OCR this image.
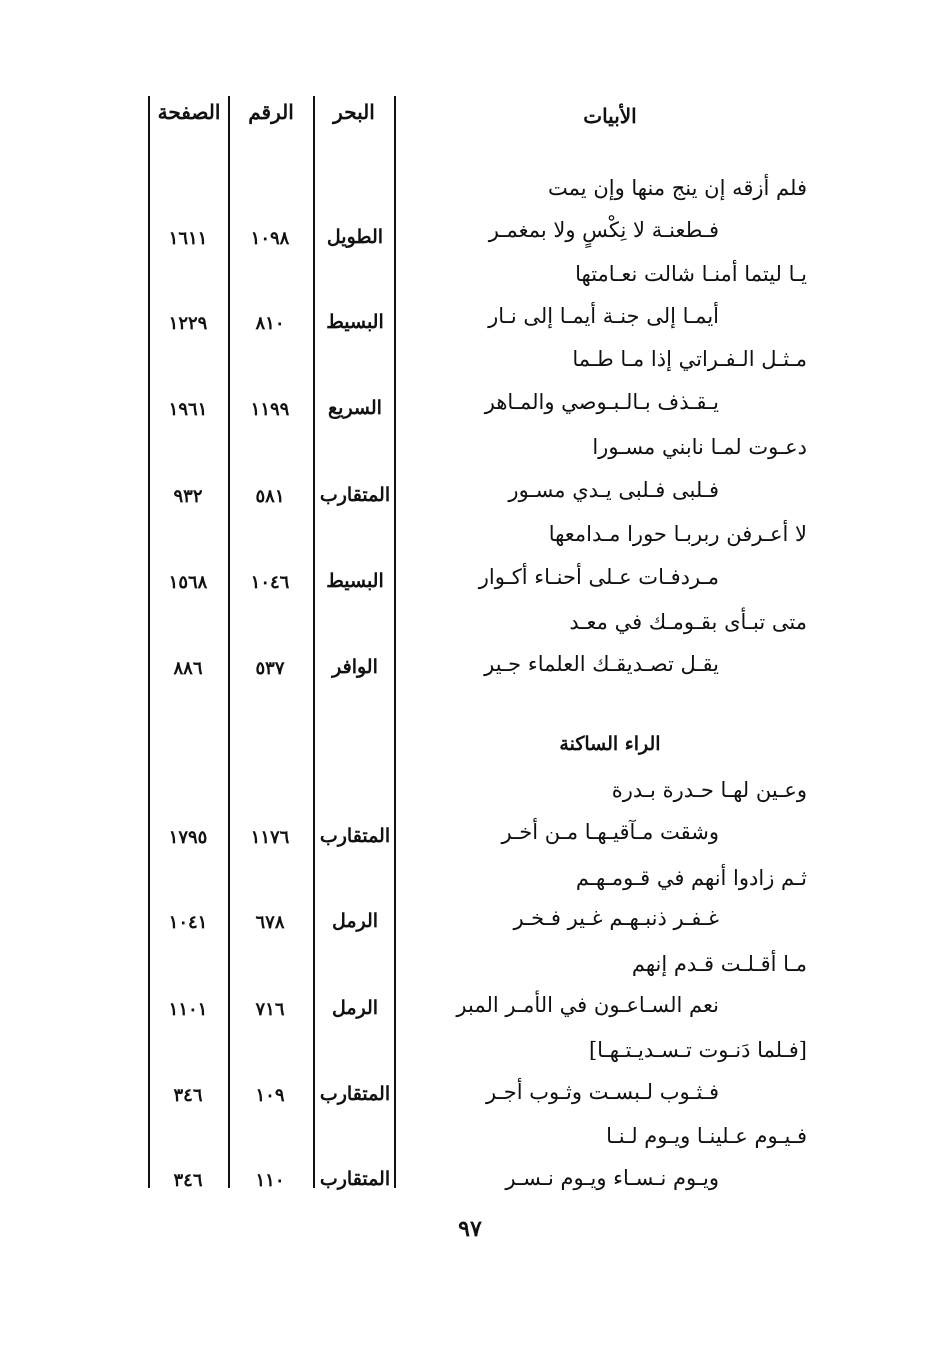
الأبيات
البحر
الرقم
الصفحة
فلم أزقه إن ينج منها وإن يمت
فـطعنـة لا نِكْسٍ ولا بمغمـر
الطويل
١٠٩٨
١٦١١
يـا ليتما أمنـا شالت نعـامتها
أيمـا إلى جنـة أيمـا إلى نـار
البسيط
٨١٠
١٢٢٩
مـثـل الـفـراتي إذا مـا طـما
يـقـذف بـالـبـوصي والمـاهر
السريع
١١٩٩
١٩٦١
دعـوت لمـا نابني مسـورا
فـلبى فـلبى يـدي مسـور
المتقارب
٥٨١
٩٣٢
لا أعـرفن ربربـا حورا مـدامعها
مـردفـات عـلى أحنـاء أكـوار
البسيط
١٠٤٦
١٥٦٨
متى تبـأى بقـومـك في معـد
يقـل تصـديقـك العلماء جـير
الوافر
٥٣٧
٨٨٦
الراء الساكنة
وعـين لهـا حـدرة بـدرة
وشقت مـآقيـهـا مـن أخـر
المتقارب
١١٧٦
١٧٩٥
ثـم زادوا أنهم في قـومـهـم
غـفـر ذنبـهـم غـير فـخـر
الرمل
٦٧٨
١٠٤١
مـا أقـلـت قـدم إنهم
نعم السـاعـون في الأمـر المبر
الرمل
٧١٦
١١٠١
[فـلما دَنـوت تـسـديـتـهـا]
فـثـوب لـبسـت وثـوب أجـر
المتقارب
١٠٩
٣٤٦
فـيـوم عـلينـا ويـوم لـنـا
ويـوم نـسـاء ويـوم نـسـر
المتقارب
١١٠
٣٤٦
٩٧
